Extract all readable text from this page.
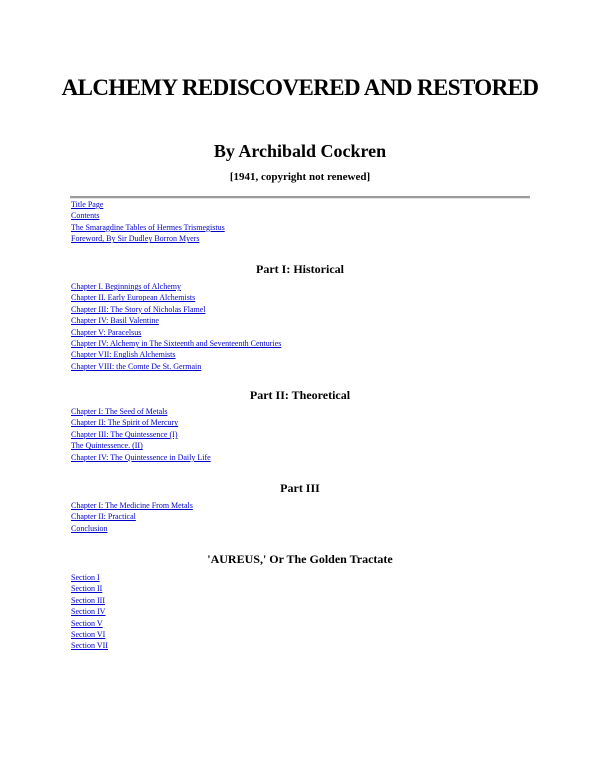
ALCHEMY REDISCOVERED AND RESTORED
By Archibald Cockren

[1941, copyright not renewed]

Title Page
Contents
The Smaragdine Tables of Hermes Trismegistus
Foreword, By Sir Dudley Borron Myers
Part I: Historical
Chapter I. Beginnings of Alchemy
Chapter II. Early European Alchemists
Chapter III: The Story of Nicholas Flamel
Chapter IV: Basil Valentine
Chapter V: Paracelsus
Chapter IV: Alchemy in The Sixteenth and Seventeenth Centuries
Chapter VII: English Alchemists
Chapter VIII: the Comte De St. Germain
Part II: Theoretical
Chapter I: The Seed of Metals
Chapter II: The Spirit of Mercury
Chapter III: The Quintessence (I)
The Quintessence. (II)
Chapter IV: The Quintessence in Daily Life
Part III
Chapter I: The Medicine From Metals
Chapter II: Practical
Conclusion
'AUREUS,' Or The Golden Tractate
Section I
Section II
Section III
Section IV
Section V
Section VI
Section VII
